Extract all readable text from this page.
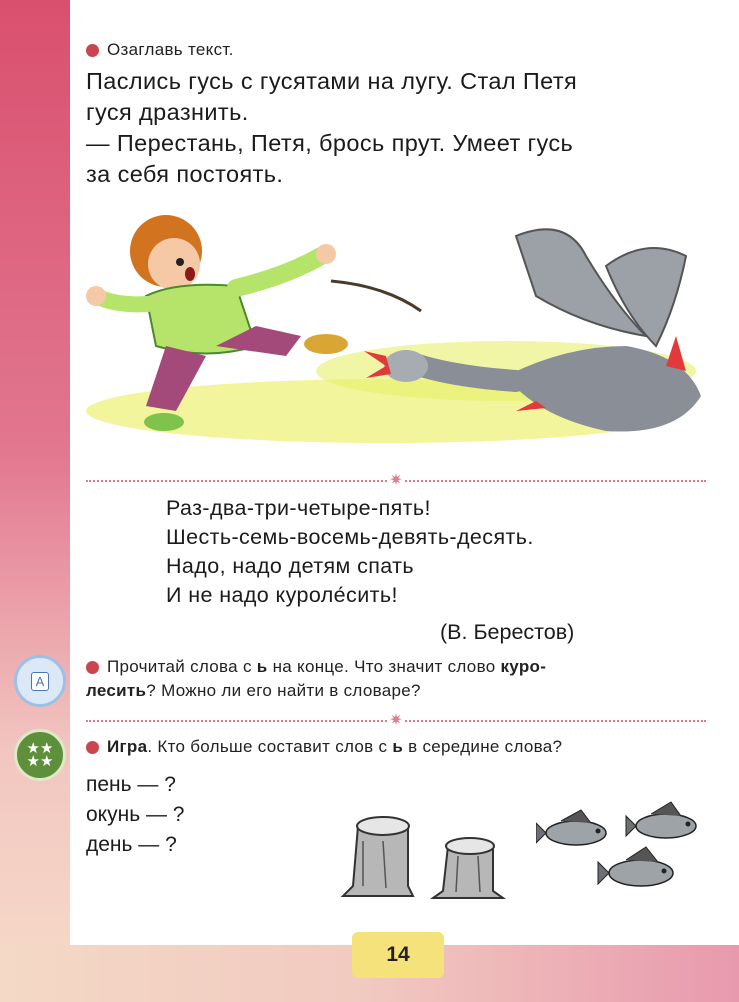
Озаглавь текст.
Паслись гусь с гусятами на лугу. Стал Петя
гуся дразнить.
— Перестань, Петя, брось прут. Умеет гусь
за себя постоять.
✷
Раз-два-три-четыре-пять!
Шесть-семь-восемь-девять-десять.
Надо, надо детям спать
И не надо куроле́сить!
(В. Берестов)
A
Прочитай слова с ь на конце. Что значит слово куро-
лесить? Можно ли его найти в словаре?
✷
★★
★★
Игра. Кто больше составит слов с ь в середине слова?
пень — ?
окунь — ?
день — ?
14
